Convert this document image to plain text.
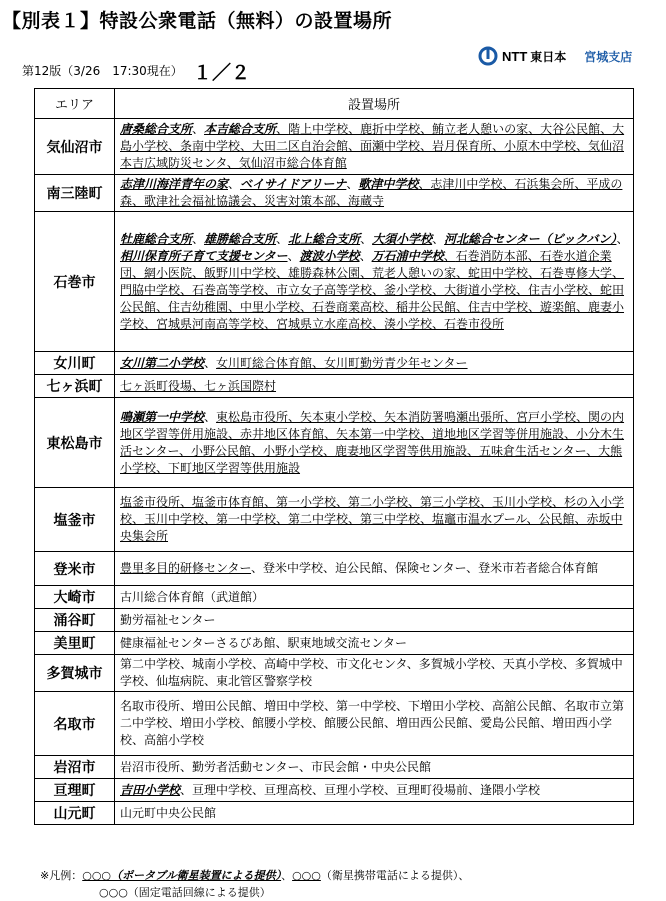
【別表１】特設公衆電話（無料）の設置場所
第12版（3/26　17:30現在） １／２
NTT 東日本 宮城支店
エリア	設置場所
気仙沼市	唐桑総合支所、本吉総合支所、階上中学校、鹿折中学校、鮪立老人憩いの家、大谷公民館、大島小学校、条南中学校、大田二区自治会館、面瀬中学校、岩月保育所、小原木中学校、気仙沼本吉広域防災センタ、気仙沼市総合体育館
南三陸町	志津川海洋青年の家、ベイサイドアリーナ、歌津中学校、志津川中学校、石浜集会所、平成の森、歌津社会福祉協議会、災害対策本部、海蔵寺
石巻市	牡鹿総合支所、雄勝総合支所、北上総合支所、大須小学校、河北総合センター（ビックバン）、相川保育所子育て支援センター、渡波小学校、万石浦中学校、石巻消防本部、石巻水道企業団、網小医院、飯野川中学校、雄勝森林公園、荒老人憩いの家、蛇田中学校、石巻専修大学、門脇中学校、石巻高等学校、市立女子高等学校、釜小学校、大街道小学校、住吉小学校、蛇田公民館、住吉幼稚園、中里小学校、石巻商業高校、稲井公民館、住吉中学校、遊楽館、鹿妻小学校、宮城県河南高等学校、宮城県立水産高校、湊小学校、石巻市役所
女川町	女川第二小学校、女川町総合体育館、女川町勤労青少年センター
七ヶ浜町	七ヶ浜町役場、七ヶ浜国際村
東松島市	鳴瀬第一中学校、東松島市役所、矢本東小学校、矢本消防署鳴瀬出張所、宮戸小学校、関の内地区学習等併用施設、赤井地区体育館、矢本第一中学校、道地地区学習等併用施設、小分木生活センター、小野公民館、小野小学校、鹿妻地区学習等供用施設、五味倉生活センター、大熊小学校、下町地区学習等供用施設
塩釜市	塩釜市役所、塩釜市体育館、第一小学校、第二小学校、第三小学校、玉川小学校、杉の入小学校、玉川中学校、第一中学校、第二中学校、第三中学校、塩竈市温水プール、公民館、赤坂中央集会所
登米市	豊里多目的研修センター、登米中学校、迫公民館、保険センター、登米市若者総合体育館
大崎市	古川総合体育館（武道館）
涌谷町	勤労福祉センター
美里町	健康福祉センターさるびあ館、駅東地域交流センター
多賀城市	第二中学校、城南小学校、高崎中学校、市文化センタ、多賀城小学校、天真小学校、多賀城中学校、仙塩病院、東北管区警察学校
名取市	名取市役所、増田公民館、増田中学校、第一中学校、下増田小学校、高舘公民館、名取市立第二中学校、増田小学校、館腰小学校、館腰公民館、増田西公民館、愛島公民館、増田西小学校、高舘小学校
岩沼市	岩沼市役所、勤労者活動センター、市民会館・中央公民館
亘理町	吉田小学校、亘理中学校、亘理高校、亘理小学校、亘理町役場前、逢隈小学校
山元町	山元町中央公民館
※凡例：○○○（ポータブル衛星装置による提供）、○○○（衛星携帯電話による提供）、
○○○（固定電話回線による提供）
